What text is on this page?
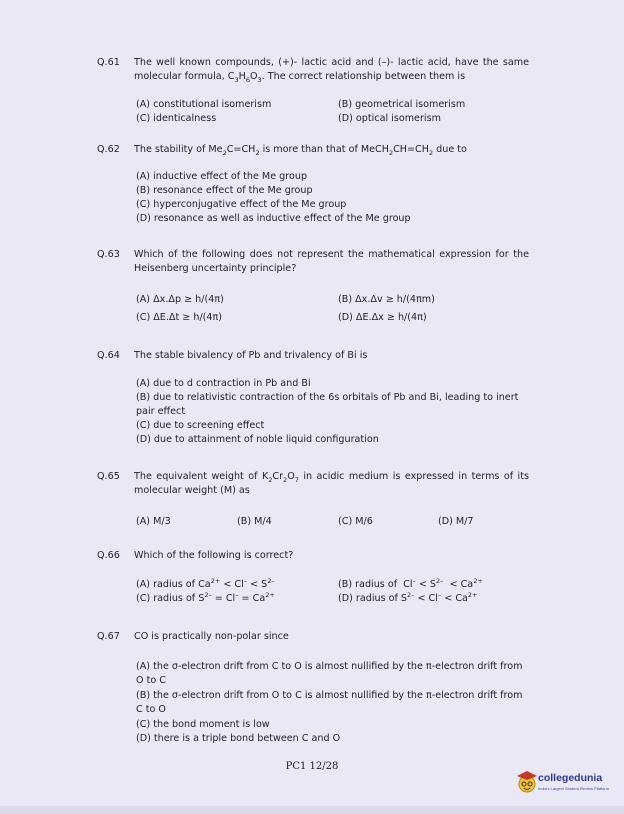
Q.61 The well known compounds, (+)- lactic acid and (–)- lactic acid, have the same molecular formula, $C_3H_6O_3$. The correct relationship between them is
(A) constitutional isomerism	(B) geometrical isomerism
(C) identicalness	(D) optical isomerism
Q.62 The stability of $Me_2C=CH_2$ is more than that of $MeCH_2CH=CH_2$ due to
(A) inductive effect of the Me group
(B) resonance effect of the Me group
(C) hyperconjugative effect of the Me group
(D) resonance as well as inductive effect of the Me group
Q.63 Which of the following does not represent the mathematical expression for the Heisenberg uncertainty principle?
(A) Δx.Δp ≥ h/(4π)	(B) Δx.Δv ≥ h/(4πm)
(C) ΔE.Δt ≥ h/(4π)	(D) ΔE.Δx ≥ h/(4π)
Q.64 The stable bivalency of Pb and trivalency of Bi is
(A) due to d contraction in Pb and Bi
(B) due to relativistic contraction of the 6s orbitals of Pb and Bi, leading to inert pair effect
(C) due to screening effect
(D) due to attainment of noble liquid configuration
Q.65 The equivalent weight of $K_2Cr_2O_7$ in acidic medium is expressed in terms of its molecular weight (M) as
(A) M/3	(B) M/4	(C) M/6	(D) M/7
Q.66 Which of the following is correct?
(A) radius of $Ca^{2+} < Cl^- < S^{2-}$	(B) radius of  $Cl^- < S^{2-} < Ca^{2+}$
(C) radius of $S^{2-} = Cl^- = Ca^{2+}$	(D) radius of $S^{2-} < Cl^- < Ca^{2+}$
Q.67 CO is practically non-polar since
(A) the σ-electron drift from C to O is almost nullified by the π-electron drift from O to C
(B) the σ-electron drift from O to C is almost nullified by the π-electron drift from C to O
(C) the bond moment is low
(D) there is a triple bond between C and O
PC1 12/28
collegedunia
India's Largest Student Review Platform
